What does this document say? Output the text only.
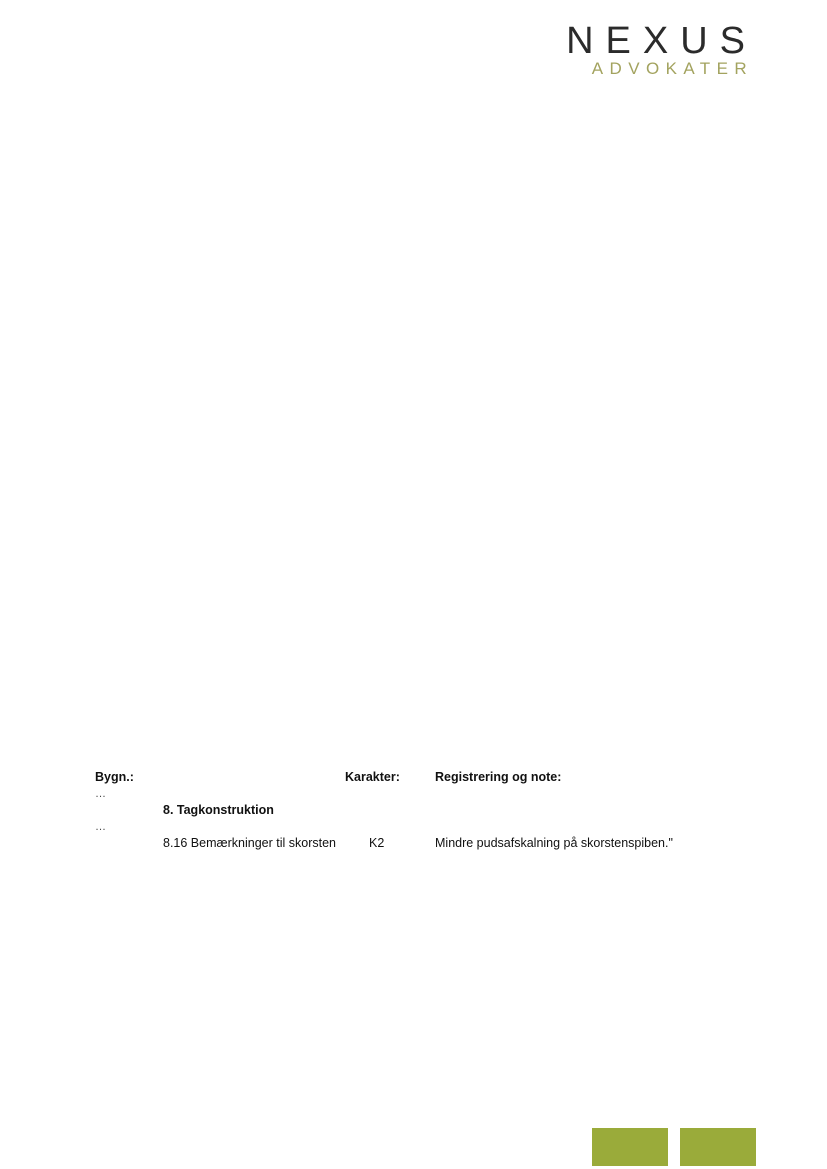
NEXUS
ADVOKATER
Bygn.:	Karakter:	Registrering og note:
…
8. Tagkonstruktion
…
8.16 Bemærkninger til skorsten	K2	Mindre pudsafskalning på skorstenspiben."
